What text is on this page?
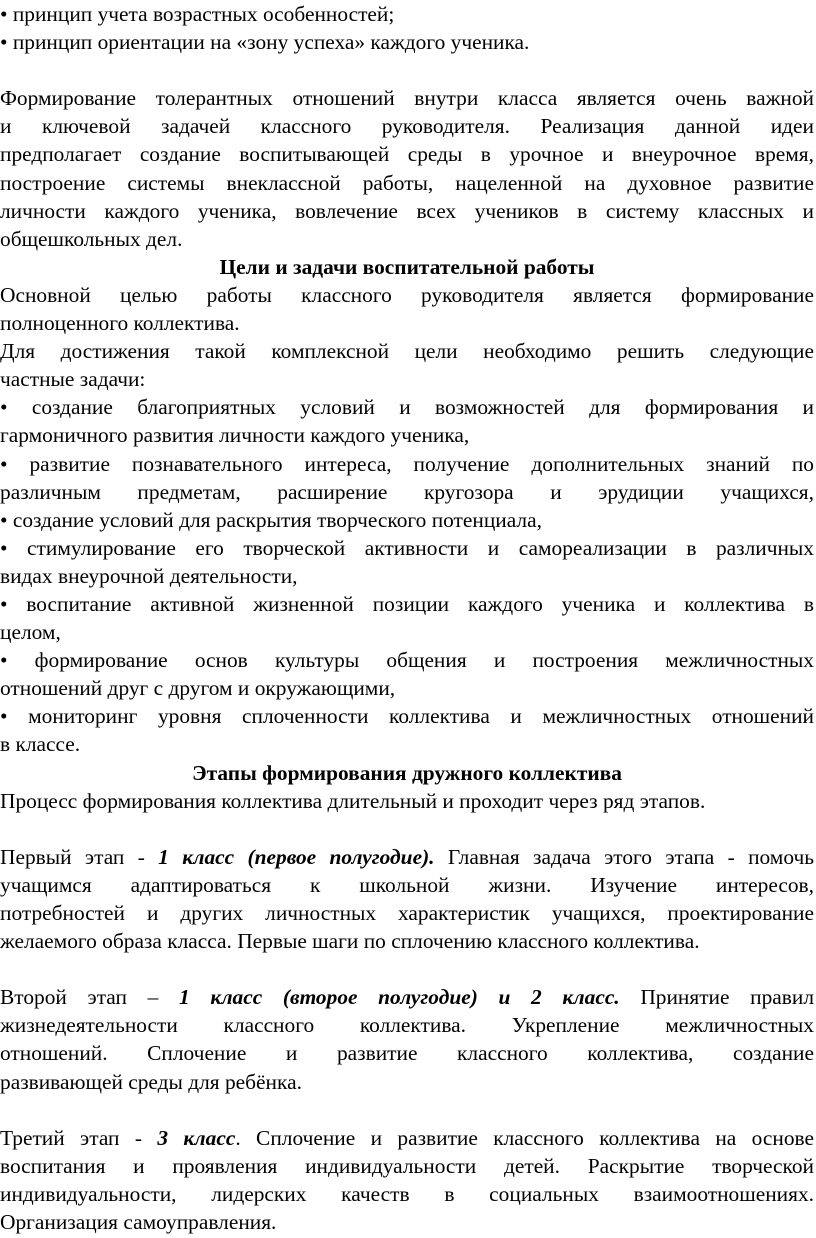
• принцип учета возрастных особенностей;
• принцип ориентации на «зону успеха» каждого ученика.
Формирование толерантных отношений внутри класса является очень важной
и ключевой задачей классного руководителя. Реализация данной идеи
предполагает создание воспитывающей среды в урочное и внеурочное время,
построение системы внеклассной работы, нацеленной на духовное развитие
личности каждого ученика, вовлечение всех учеников в систему классных и
общешкольных дел.
Цели и задачи воспитательной работы
Основной целью работы классного руководителя является формирование
полноценного коллектива.
Для достижения такой комплексной цели необходимо решить следующие
частные задачи:
• создание благоприятных условий и возможностей для формирования и
гармоничного развития личности каждого ученика,
• развитие познавательного интереса, получение дополнительных знаний по
различным предметам, расширение кругозора и эрудиции учащихся,
• создание условий для раскрытия творческого потенциала,
• стимулирование его творческой активности и самореализации в различных
видах внеурочной деятельности,
• воспитание активной жизненной позиции каждого ученика и коллектива в
целом,
• формирование основ культуры общения и построения межличностных
отношений друг с другом и окружающими,
• мониторинг уровня сплоченности коллектива и межличностных отношений
в классе.
Этапы формирования дружного коллектива
Процесс формирования коллектива длительный и проходит через ряд этапов.
Первый этап - 1 класс (первое полугодие). Главная задача этого этапа - помочь
учащимся адаптироваться к школьной жизни. Изучение интересов,
потребностей и других личностных характеристик учащихся, проектирование
желаемого образа класса. Первые шаги по сплочению классного коллектива.
Второй этап – 1 класс (второе полугодие) и 2 класс. Принятие правил
жизнедеятельности классного коллектива. Укрепление межличностных
отношений. Сплочение и развитие классного коллектива, создание
развивающей среды для ребёнка.
Третий этап - 3 класс. Сплочение и развитие классного коллектива на основе
воспитания и проявления индивидуальности детей. Раскрытие творческой
индивидуальности, лидерских качеств в социальных взаимоотношениях.
Организация самоуправления.
